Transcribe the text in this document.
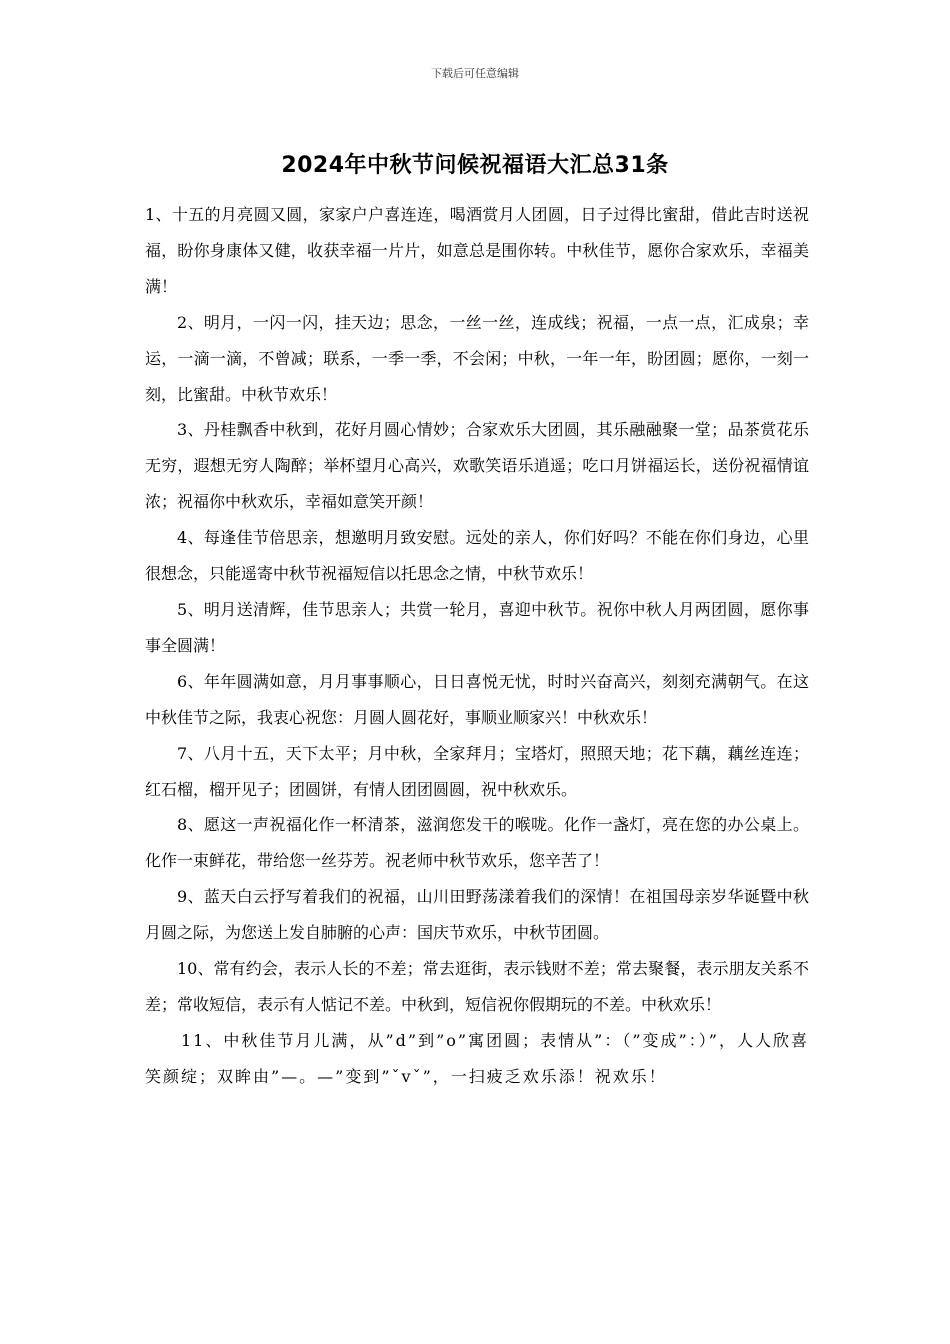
下载后可任意编辑
2024年中秋节问候祝福语大汇总31条

1、十五的月亮圆又圆，家家户户喜连连，喝酒赏月人团圆，日子过得比蜜甜，借此吉时送祝福，盼你身康体又健，收获幸福一片片，如意总是围你转。中秋佳节，愿你合家欢乐，幸福美满！

2、明月，一闪一闪，挂天边；思念，一丝一丝，连成线；祝福，一点一点，汇成泉；幸运，一滴一滴，不曾减；联系，一季一季，不会闲；中秋，一年一年，盼团圆；愿你，一刻一刻，比蜜甜。中秋节欢乐！

3、丹桂飘香中秋到，花好月圆心情妙；合家欢乐大团圆，其乐融融聚一堂；品茶赏花乐无穷，遐想无穷人陶醉；举杯望月心高兴，欢歌笑语乐逍遥；吃口月饼福运长，送份祝福情谊浓；祝福你中秋欢乐，幸福如意笑开颜！

4、每逢佳节倍思亲，想邀明月致安慰。远处的亲人，你们好吗？不能在你们身边，心里很想念，只能遥寄中秋节祝福短信以托思念之情，中秋节欢乐！

5、明月送清辉，佳节思亲人；共赏一轮月，喜迎中秋节。祝你中秋人月两团圆，愿你事事全圆满！

6、年年圆满如意，月月事事顺心，日日喜悦无忧，时时兴奋高兴，刻刻充满朝气。在这中秋佳节之际，我衷心祝您：月圆人圆花好，事顺业顺家兴！中秋欢乐！

7、八月十五，天下太平；月中秋，全家拜月；宝塔灯，照照天地；花下藕，藕丝连连；红石榴，榴开见子；团圆饼，有情人团团圆圆，祝中秋欢乐。

8、愿这一声祝福化作一杯清茶，滋润您发干的喉咙。化作一盏灯，亮在您的办公桌上。化作一束鲜花，带给您一丝芬芳。祝老师中秋节欢乐，您辛苦了！

9、蓝天白云抒写着我们的祝福，山川田野荡漾着我们的深情！在祖国母亲岁华诞暨中秋月圆之际，为您送上发自肺腑的心声：国庆节欢乐，中秋节团圆。

10、常有约会，表示人长的不差；常去逛街，表示钱财不差；常去聚餐，表示朋友关系不差；常收短信，表示有人惦记不差。中秋到，短信祝你假期玩的不差。中秋欢乐！

11、中秋佳节月儿满，从”d”到”o”寓团圆；表情从”：（”变成”：）”，人人欣喜笑颜绽；双眸由”—。—”变到”ˇvˇ”，一扫疲乏欢乐添！祝欢乐！
